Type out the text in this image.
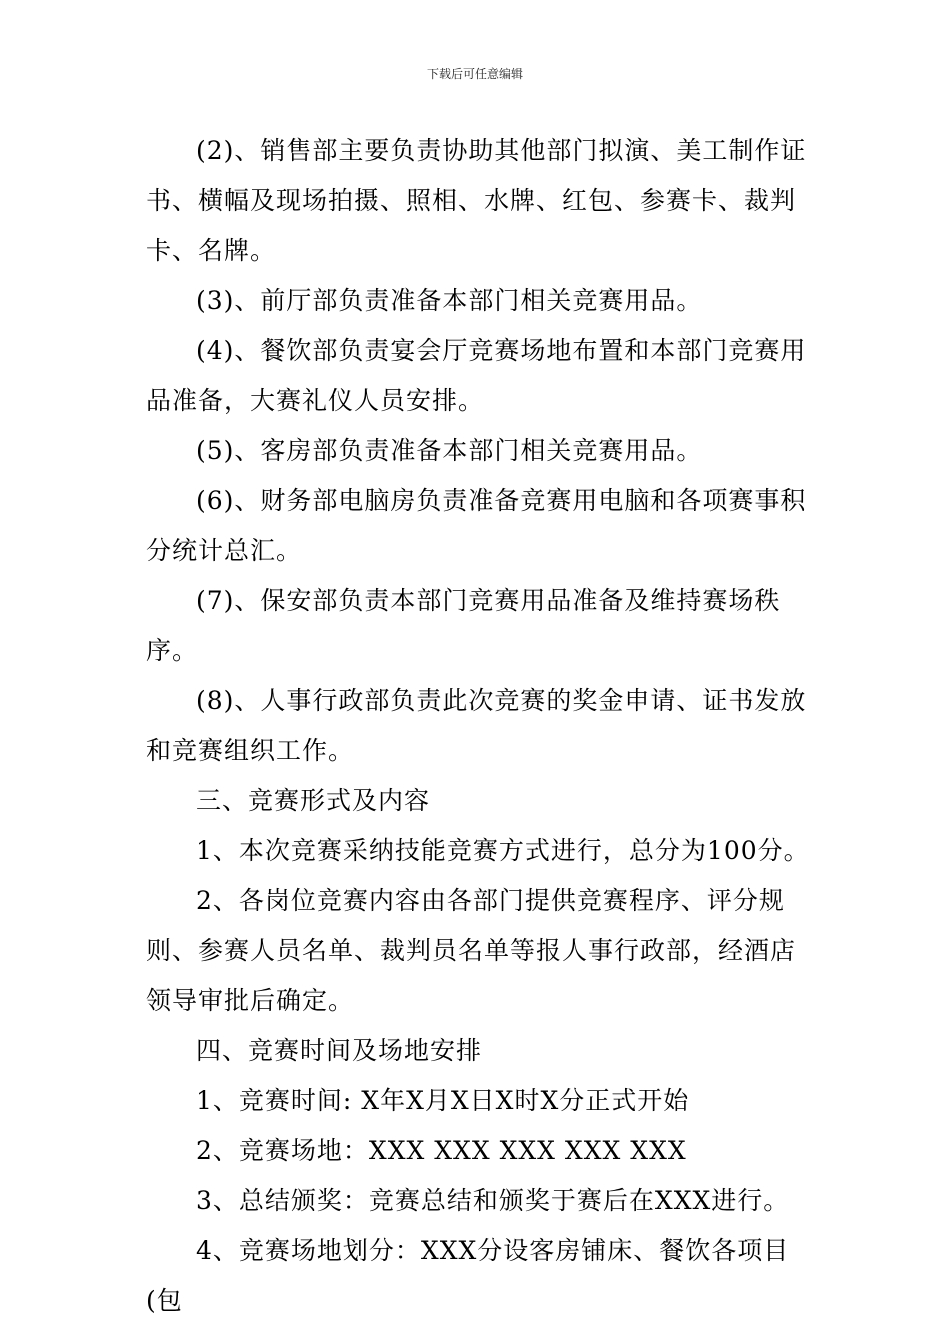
下载后可任意编辑

(2)、销售部主要负责协助其他部门拟演、美工制作证书、横幅及现场拍摄、照相、水牌、红包、参赛卡、裁判卡、名牌。

(3)、前厅部负责准备本部门相关竞赛用品。

(4)、餐饮部负责宴会厅竞赛场地布置和本部门竞赛用品准备，大赛礼仪人员安排。

(5)、客房部负责准备本部门相关竞赛用品。

(6)、财务部电脑房负责准备竞赛用电脑和各项赛事积分统计总汇。

(7)、保安部负责本部门竞赛用品准备及维持赛场秩序。

(8)、人事行政部负责此次竞赛的奖金申请、证书发放和竞赛组织工作。

三、竞赛形式及内容

1、本次竞赛采纳技能竞赛方式进行，总分为100分。

2、各岗位竞赛内容由各部门提供竞赛程序、评分规则、参赛人员名单、裁判员名单等报人事行政部，经酒店领导审批后确定。

四、竞赛时间及场地安排

1、竞赛时间: X年X月X日X时X分正式开始

2、竞赛场地：XXX XXX XXX XXX XXX

3、总结颁奖：竞赛总结和颁奖于赛后在XXX进行。

4、竞赛场地划分：XXX分设客房铺床、餐饮各项目(包
